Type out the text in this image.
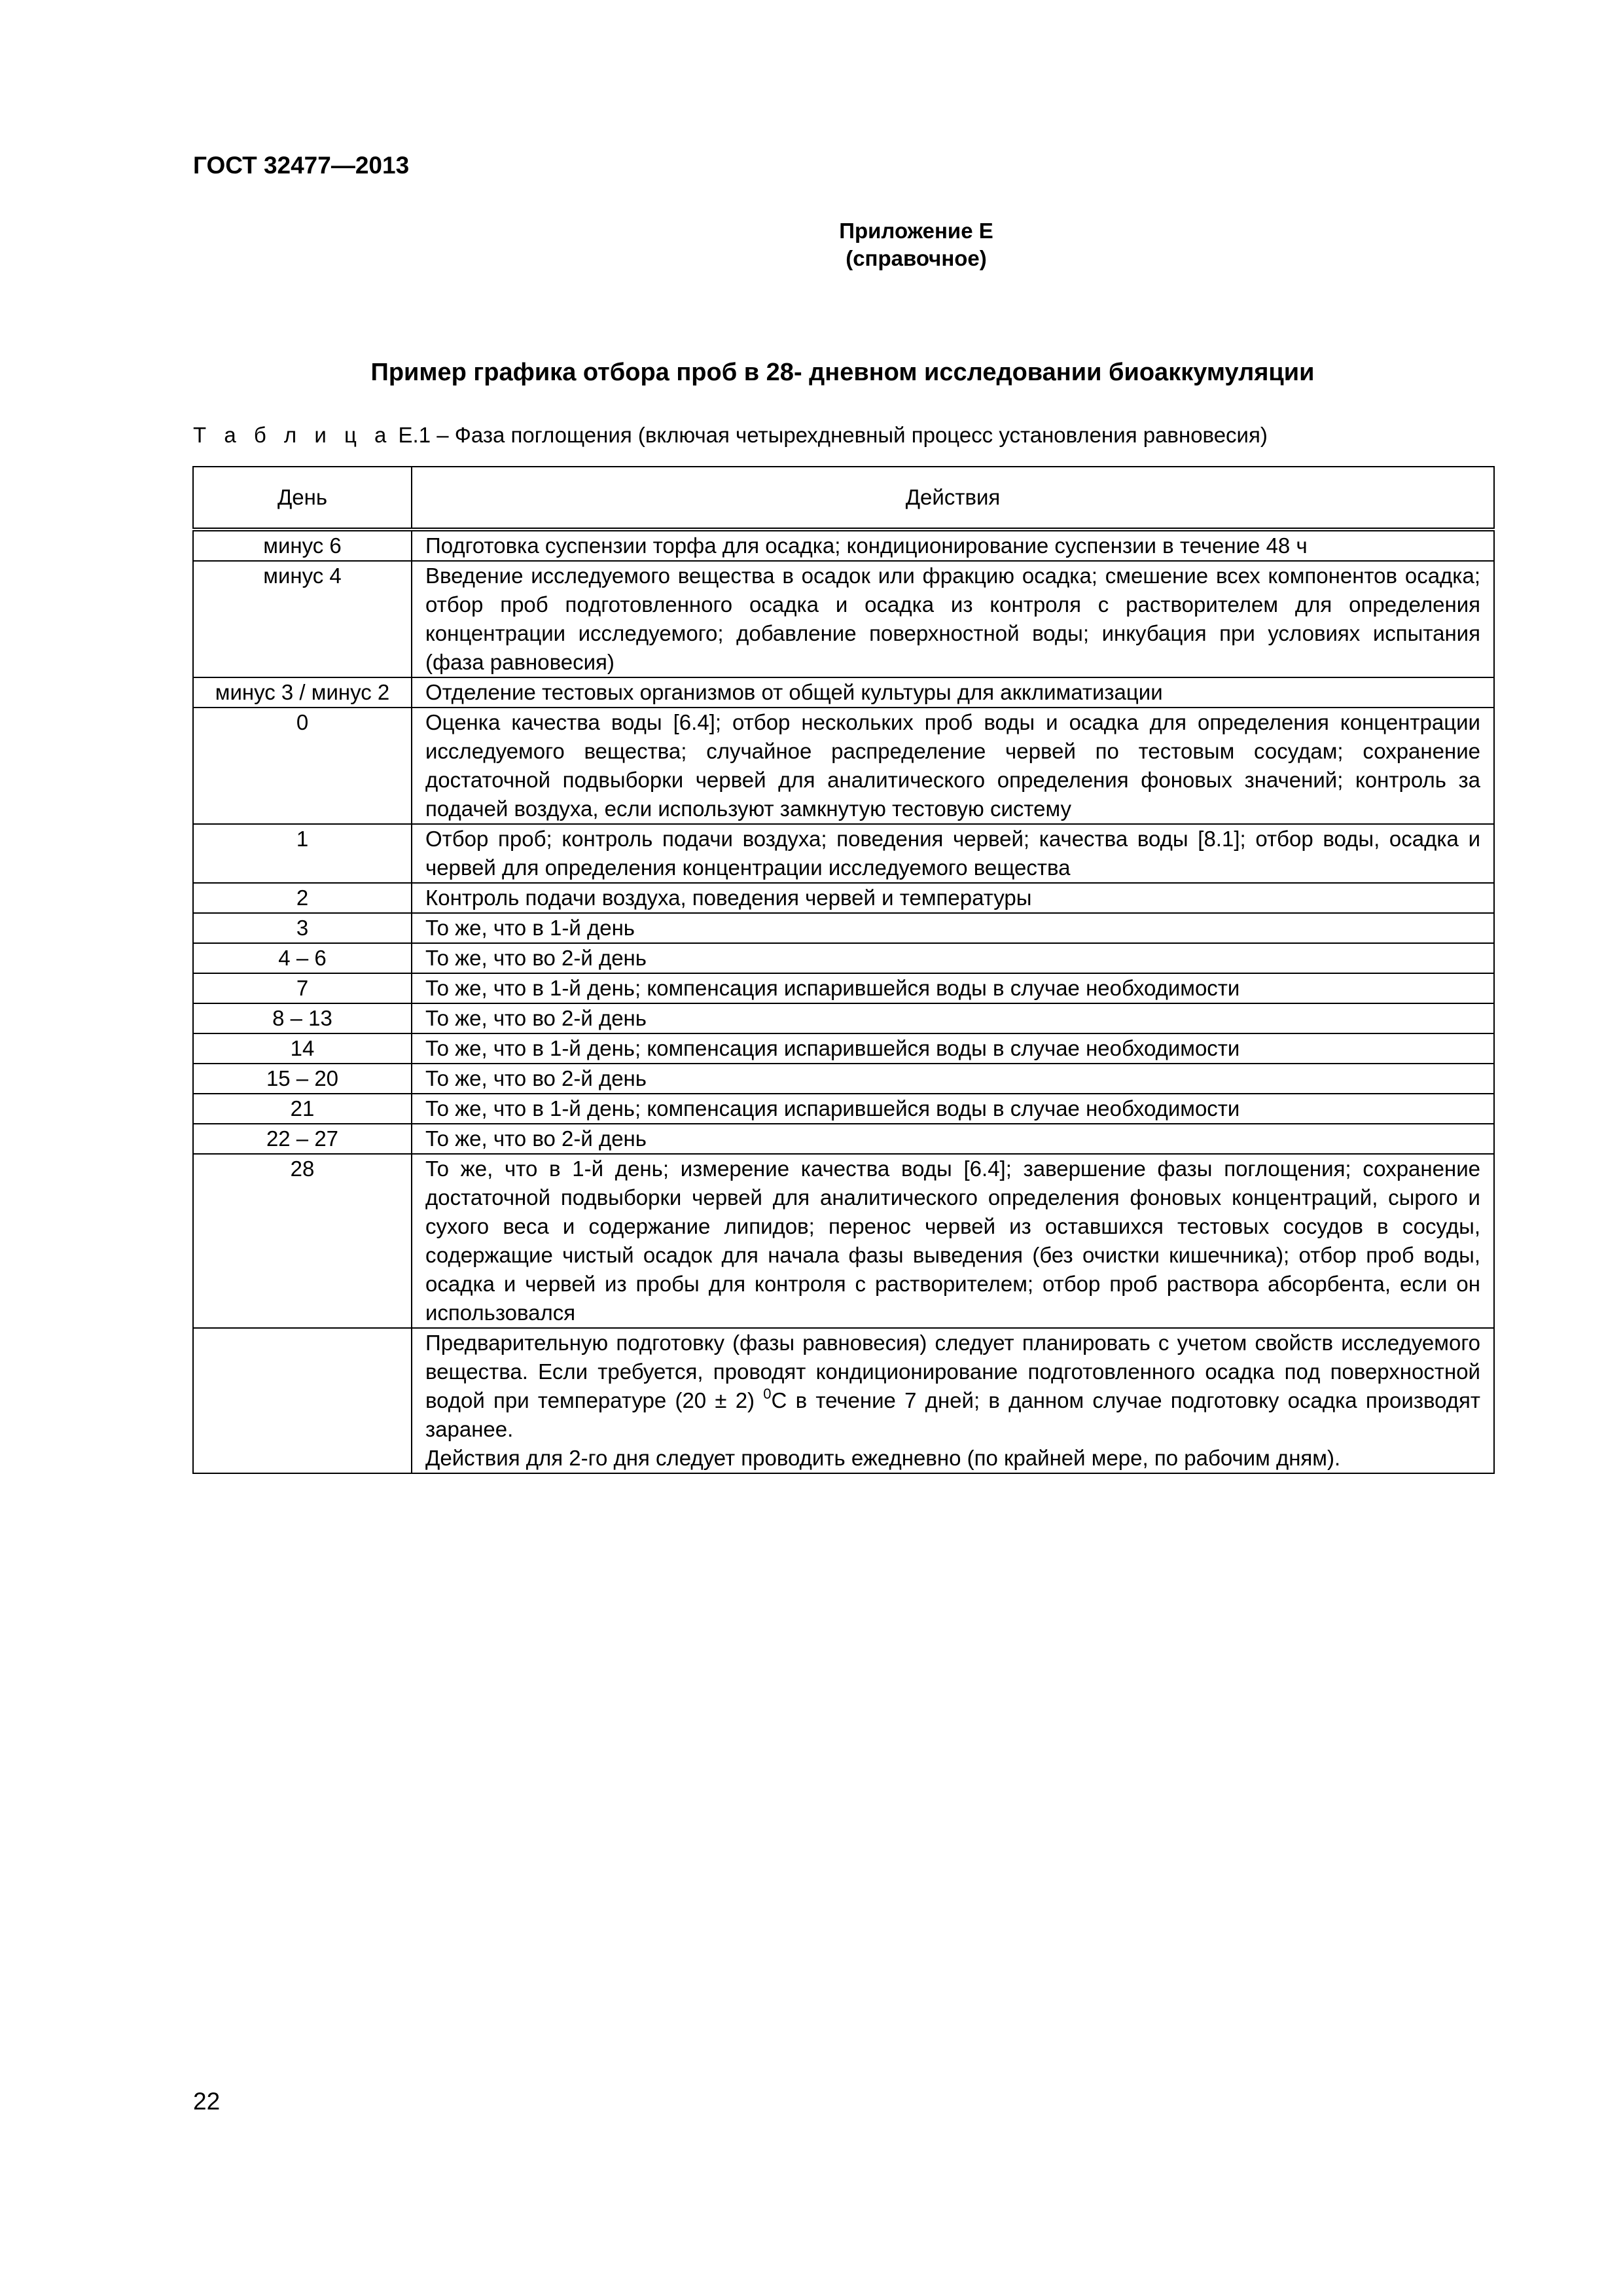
ГОСТ 32477—2013
Приложение Е
(справочное)
Пример графика отбора проб в 28- дневном исследовании биоаккумуляции
Т а б л и ц а Е.1 – Фаза поглощения (включая четырехдневный процесс установления равновесия)
День	Действия
минус 6	Подготовка суспензии торфа для осадка; кондиционирование суспензии в течение 48 ч
минус 4	Введение исследуемого вещества в осадок или фракцию осадка; смешение всех компонентов осадка; отбор проб подготовленного осадка и осадка из контроля с растворителем для определения концентрации исследуемого; добавление поверхностной воды; инкубация при условиях испытания (фаза равновесия)
минус 3 / минус 2	Отделение тестовых организмов от общей культуры для акклиматизации
0	Оценка качества воды [6.4]; отбор нескольких проб воды и осадка для определения концентрации исследуемого вещества; случайное распределение червей по тестовым сосудам; сохранение достаточной подвыборки червей для аналитического определения фоновых значений; контроль за подачей воздуха, если используют замкнутую тестовую систему
1	Отбор проб; контроль подачи воздуха; поведения червей; качества воды [8.1]; отбор воды, осадка и червей для определения концентрации исследуемого вещества
2	Контроль подачи воздуха, поведения червей и температуры
3	То же, что в 1-й день
4 – 6	То же, что во 2-й день
7	То же, что в 1-й день; компенсация испарившейся воды в случае необходимости
8 – 13	То же, что во 2-й день
14	То же, что в 1-й день; компенсация испарившейся воды в случае необходимости
15 – 20	То же, что во 2-й день
21	То же, что в 1-й день; компенсация испарившейся воды в случае необходимости
22 – 27	То же, что во 2-й день
28	То же, что в 1-й день; измерение качества воды [6.4]; завершение фазы поглощения; сохранение достаточной подвыборки червей для аналитического определения фоновых концентраций, сырого и сухого веса и содержание липидов; перенос червей из оставшихся тестовых сосудов в сосуды, содержащие чистый осадок для начала фазы выведения (без очистки кишечника); отбор проб воды, осадка и червей из пробы для контроля с растворителем; отбор проб раствора абсорбента, если он использовался

	Предварительную подготовку (фазы равновесия) следует планировать с учетом свойств исследуемого вещества. Если требуется, проводят кондиционирование подготовленного осадка под поверхностной водой при температуре (20 ± 2) $^0$С в течение 7 дней; в данном случае подготовку осадка производят заранее.
Действия для 2-го дня следует проводить ежедневно (по крайней мере, по рабочим дням).
22
